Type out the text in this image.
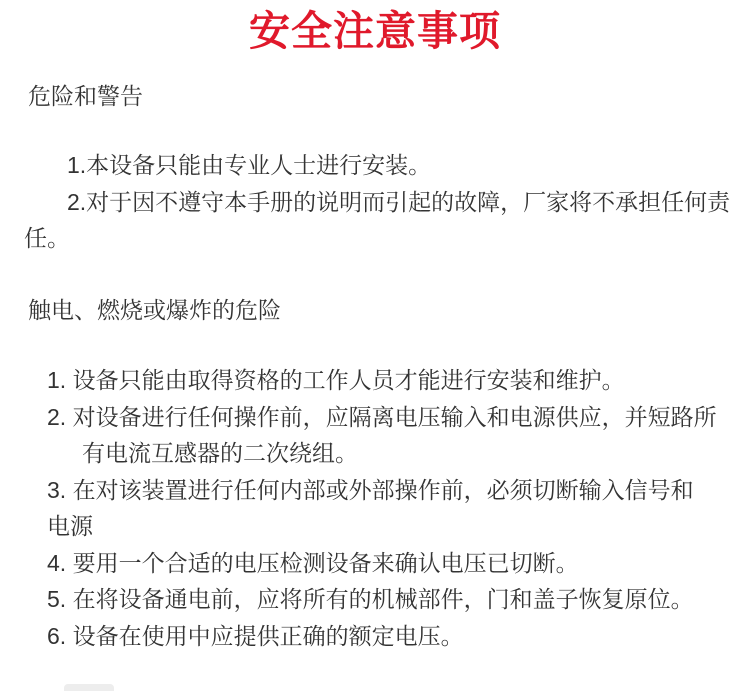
安全注意事项
危险和警告
1.本设备只能由专业人士进行安装。
2.对于因不遵守本手册的说明而引起的故障，厂家将不承担任何责
任。
触电、燃烧或爆炸的危险
1. 设备只能由取得资格的工作人员才能进行安装和维护。
2. 对设备进行任何操作前，应隔离电压输入和电源供应，并短路所
有电流互感器的二次绕组。
3. 在对该装置进行任何内部或外部操作前，必须切断输入信号和
电源
4. 要用一个合适的电压检测设备来确认电压已切断。
5. 在将设备通电前，应将所有的机械部件，门和盖子恢复原位。
6. 设备在使用中应提供正确的额定电压。
